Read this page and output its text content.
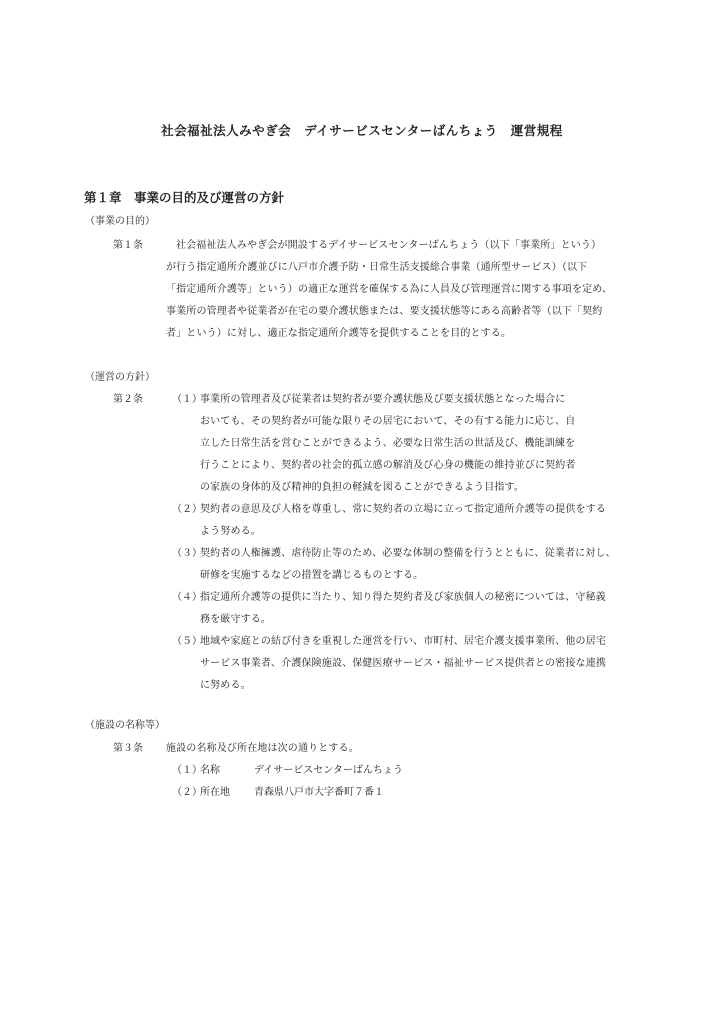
社会福祉法人みやぎ会　デイサービスセンターばんちょう　運営規程
第１章　事業の目的及び運営の方針
（事業の目的）
第１条	社会福祉法人みやぎ会が開設するデイサービスセンターばんちょう（以下「事業所」という）
が行う指定通所介護並びに八戸市介護予防・日常生活支援総合事業（通所型サービス）（以下
「指定通所介護等」という）の適正な運営を確保する為に人員及び管理運営に関する事項を定め、
事業所の管理者や従業者が在宅の要介護状態または、要支援状態等にある高齢者等（以下「契約
者」という）に対し、適正な指定通所介護等を提供することを目的とする。
（運営の方針）
第２条	（１）
事業所の管理者及び従業者は契約者が要介護状態及び要支援状態となった場合に
おいても、その契約者が可能な限りその居宅において、その有する能力に応じ、自
立した日常生活を営むことができるよう、必要な日常生活の世話及び、機能訓練を
行うことにより、契約者の社会的孤立感の解消及び心身の機能の維持並びに契約者
の家族の身体的及び精神的負担の軽減を図ることができるよう目指す。
（２）
契約者の意思及び人格を尊重し、常に契約者の立場に立って指定通所介護等の提供をする
よう努める。
（３）
契約者の人権擁護、虐待防止等のため、必要な体制の整備を行うとともに、従業者に対し、
研修を実施するなどの措置を講じるものとする。
（４）
指定通所介護等の提供に当たり、知り得た契約者及び家族個人の秘密については、守秘義
務を厳守する。
（５）
地域や家庭との結び付きを重視した運営を行い、市町村、居宅介護支援事業所、他の居宅
サービス事業者、介護保険施設、保健医療サービス・福祉サービス提供者との密接な連携
に努める。
（施設の名称等）
第３条 施設の名称及び所在地は次の通りとする。
（１）
名称	デイサービスセンターばんちょう
（２）
所在地 青森県八戸市大字番町７番１
